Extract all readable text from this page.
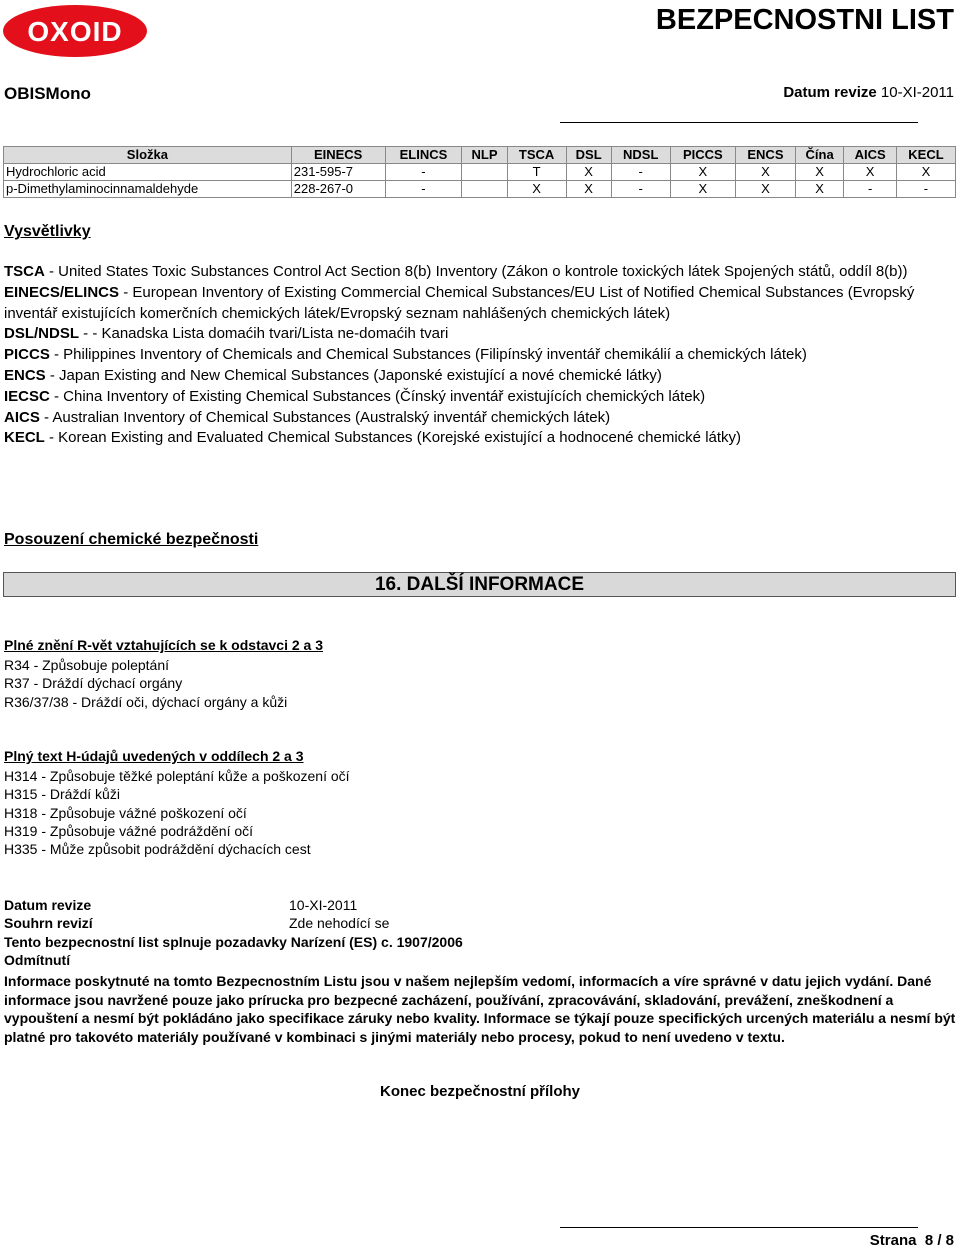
OXOID	BEZPECNOSTNI LIST
OBISMono	Datum revize 10-XI-2011
Složka	EINECS	ELINCS	NLP	TSCA	DSL	NDSL	PICCS	ENCS	Čína	AICS	KECL
Hydrochloric acid	231-595-7	-		T	X	-	X	X	X	X	X
p-Dimethylaminocinnamaldehyde	228-267-0	-		X	X	-	X	X	X	-	-
Vysvětlivky
TSCA - United States Toxic Substances Control Act Section 8(b) Inventory (Zákon o kontrole toxických látek Spojených států, oddíl 8(b))
EINECS/ELINCS - European Inventory of Existing Commercial Chemical Substances/EU List of Notified Chemical Substances (Evropský inventář existujících komerčních chemických látek/Evropský seznam nahlášených chemických látek)
DSL/NDSL - - Kanadska Lista domaćih tvari/Lista ne-domaćih tvari
PICCS - Philippines Inventory of Chemicals and Chemical Substances (Filipínský inventář chemikálií a chemických látek)
ENCS - Japan Existing and New Chemical Substances (Japonské existující a nové chemické látky)
IECSC - China Inventory of Existing Chemical Substances (Čínský inventář existujících chemických látek)
AICS - Australian Inventory of Chemical Substances (Australský inventář chemických látek)
KECL - Korean Existing and Evaluated Chemical Substances (Korejské existující a hodnocené chemické látky)
Posouzení chemické bezpečnosti
16. DALŠÍ INFORMACE
Plné znění R-vět vztahujících se k odstavci 2 a 3
R34 - Způsobuje poleptání
R37 - Dráždí dýchací orgány
R36/37/38 - Dráždí oči, dýchací orgány a kůži
Plný text H-údajů uvedených v oddílech 2 a 3
H314 - Způsobuje těžké poleptání kůže a poškození očí
H315 - Dráždí kůži
H318 - Způsobuje vážné poškození očí
H319 - Způsobuje vážné podráždění očí
H335 - Může způsobit podráždění dýchacích cest
Datum revize	10-XI-2011
Souhrn revizí	Zde nehodící se
Tento bezpecnostní list splnuje pozadavky Narízení (ES) c. 1907/2006
Odmítnutí
Informace poskytnuté na tomto Bezpecnostním Listu jsou v našem nejlepším vedomí, informacích a víre správné v datu jejich vydání. Dané informace jsou navržené pouze jako prírucka pro bezpecné zacházení, používání, zpracovávání, skladování, prevážení, zneškodnení a vypouštení a nesmí být pokládáno jako specifikace záruky nebo kvality. Informace se týkají pouze specifických urcených materiálu a nesmí být platné pro takovéto materiály používané v kombinaci s jinými materiály nebo procesy, pokud to není uvedeno v textu.
Konec bezpečnostní přílohy
Strana 8 / 8
